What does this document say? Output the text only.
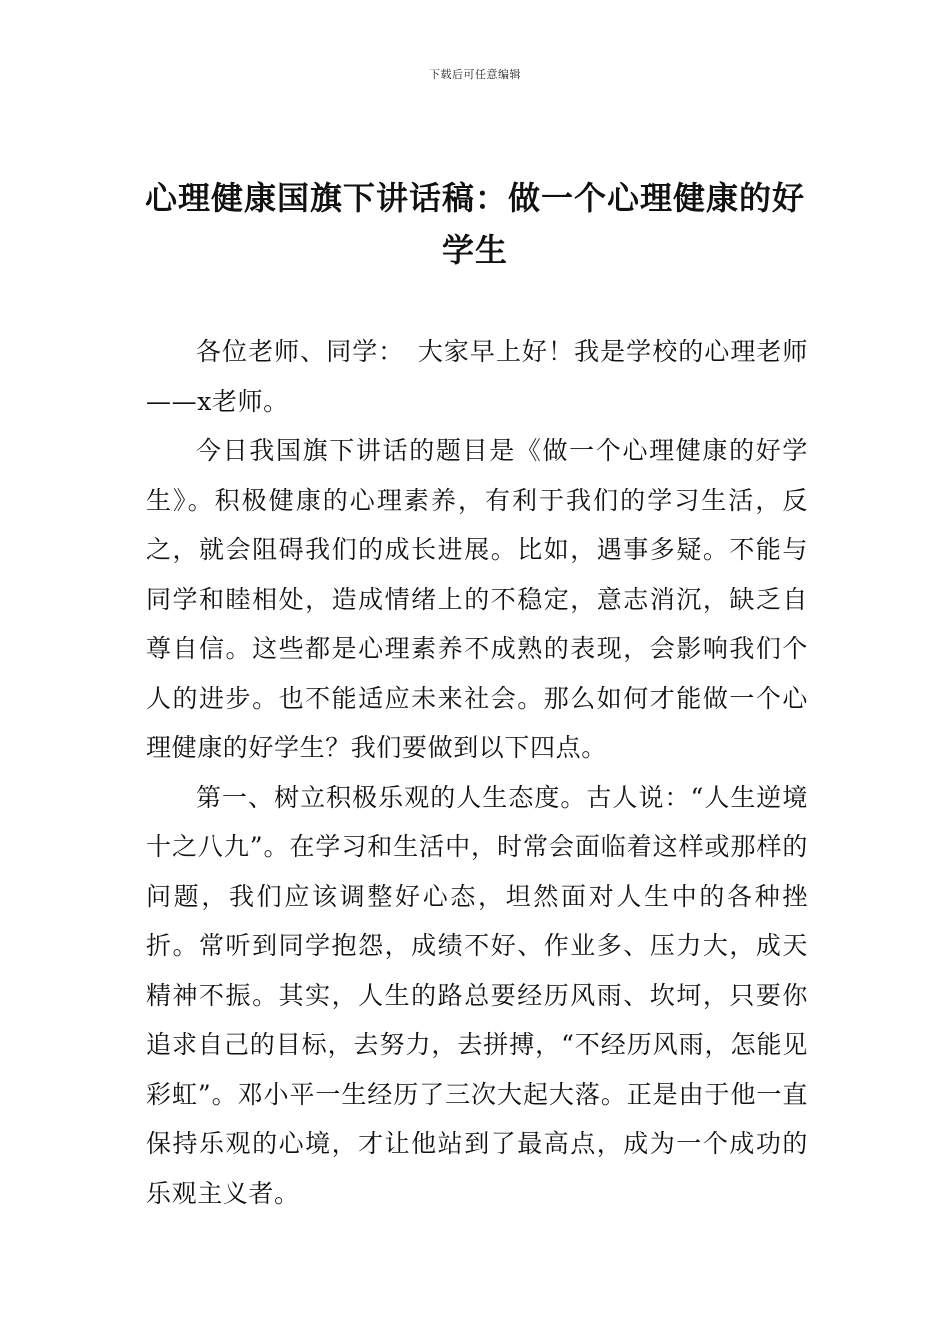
下载后可任意编辑
心理健康国旗下讲话稿：做一个心理健康的好学生

各位老师、同学：　大家早上好！我是学校的心理老师——x老师。

今日我国旗下讲话的题目是《做一个心理健康的好学生》。积极健康的心理素养，有利于我们的学习生活，反之，就会阻碍我们的成长进展。比如，遇事多疑。不能与同学和睦相处，造成情绪上的不稳定，意志消沉，缺乏自尊自信。这些都是心理素养不成熟的表现，会影响我们个人的进步。也不能适应未来社会。那么如何才能做一个心理健康的好学生？我们要做到以下四点。

第一、树立积极乐观的人生态度。古人说：“人生逆境十之八九”。在学习和生活中，时常会面临着这样或那样的问题，我们应该调整好心态，坦然面对人生中的各种挫折。常听到同学抱怨，成绩不好、作业多、压力大，成天精神不振。其实，人生的路总要经历风雨、坎坷，只要你追求自己的目标，去努力，去拼搏，“不经历风雨，怎能见彩虹”。邓小平一生经历了三次大起大落。正是由于他一直保持乐观的心境，才让他站到了最高点，成为一个成功的乐观主义者。
